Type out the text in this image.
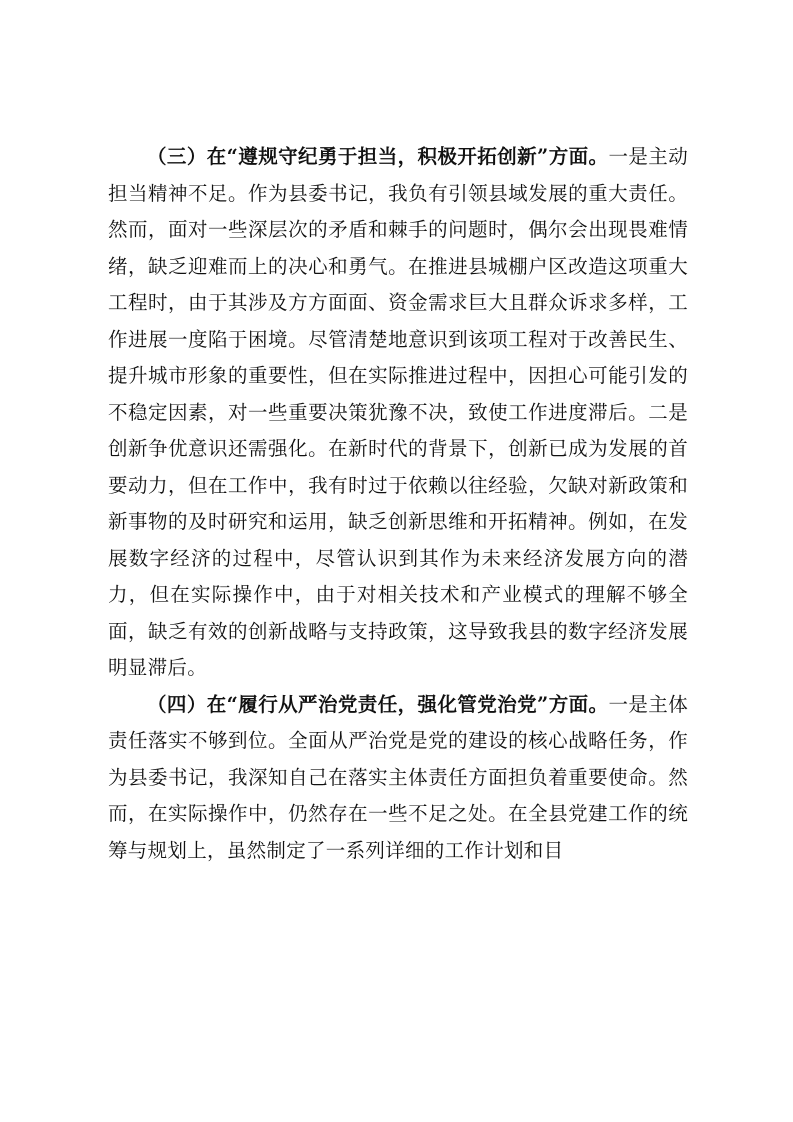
（三）在“遵规守纪勇于担当，积极开拓创新”方面。一是主动担当精神不足。作为县委书记，我负有引领县域发展的重大责任。然而，面对一些深层次的矛盾和棘手的问题时，偶尔会出现畏难情绪，缺乏迎难而上的决心和勇气。在推进县城棚户区改造这项重大工程时，由于其涉及方方面面、资金需求巨大且群众诉求多样，工作进展一度陷于困境。尽管清楚地意识到该项工程对于改善民生、提升城市形象的重要性，但在实际推进过程中，因担心可能引发的不稳定因素，对一些重要决策犹豫不决，致使工作进度滞后。二是创新争优意识还需强化。在新时代的背景下，创新已成为发展的首要动力，但在工作中，我有时过于依赖以往经验，欠缺对新政策和新事物的及时研究和运用，缺乏创新思维和开拓精神。例如，在发展数字经济的过程中，尽管认识到其作为未来经济发展方向的潜力，但在实际操作中，由于对相关技术和产业模式的理解不够全面，缺乏有效的创新战略与支持政策，这导致我县的数字经济发展明显滞后。

（四）在“履行从严治党责任，强化管党治党”方面。一是主体责任落实不够到位。全面从严治党是党的建设的核心战略任务，作为县委书记，我深知自己在落实主体责任方面担负着重要使命。然而，在实际操作中，仍然存在一些不足之处。在全县党建工作的统筹与规划上，虽然制定了一系列详细的工作计划和目
